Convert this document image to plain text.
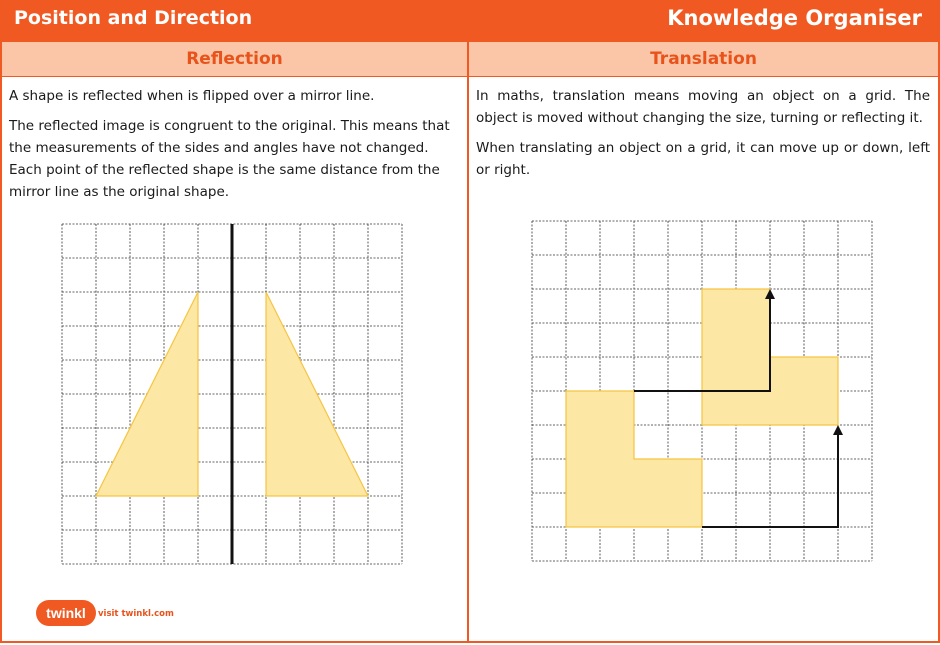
Position and Direction	Knowledge Organiser
Reflection

A shape is reflected when is flipped over a mirror line.

The reflected image is congruent to the original. This means that the measurements of the sides and angles have not changed. Each point of the reflected shape is the same distance from the mirror line as the original shape.

Translation

In maths, translation means moving an object on a grid. The object is moved without changing the size, turning or reflecting it.

When translating an object on a grid, it can move up or down, left or right.

twinkl visit twinkl.com
